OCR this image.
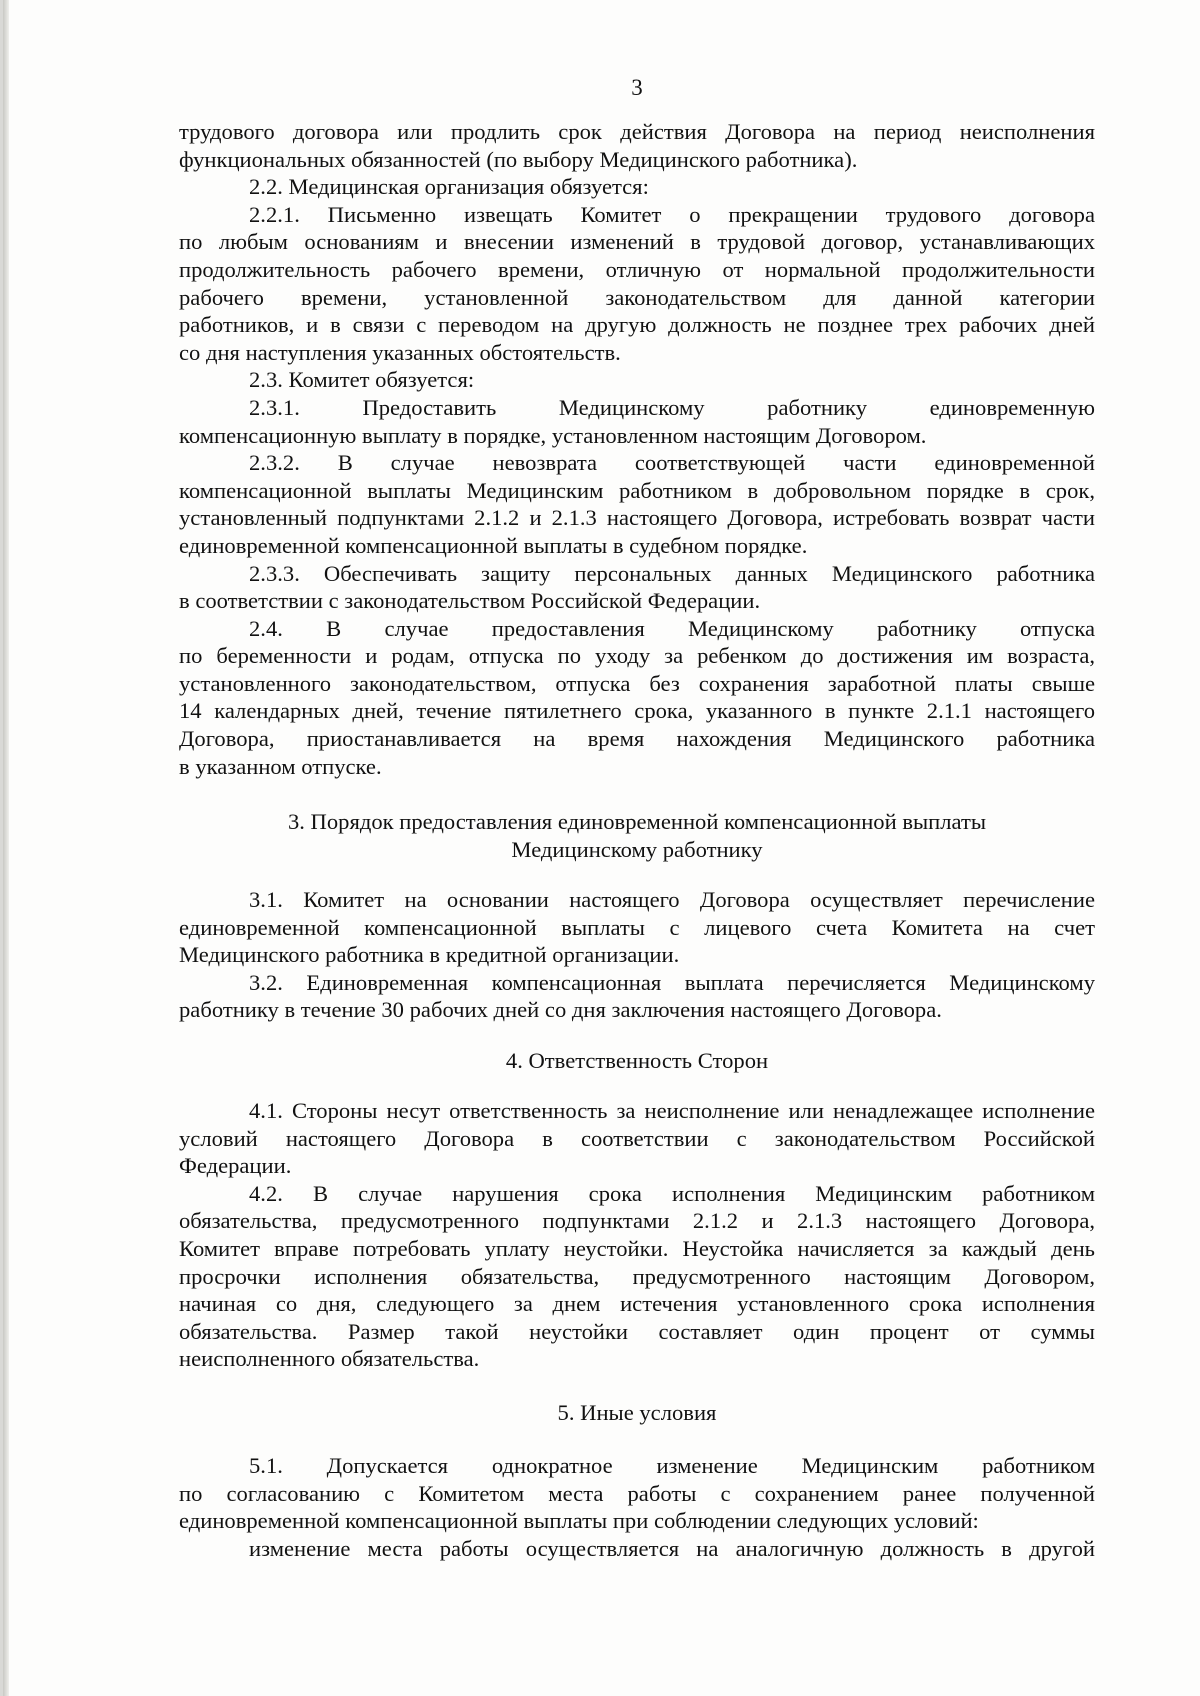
3
трудового договора или продлить срок действия Договора на период неисполнения
функциональных обязанностей (по выбору Медицинского работника).
2.2. Медицинская организация обязуется:
2.2.1. Письменно извещать Комитет о прекращении трудового договора
по любым основаниям и внесении изменений в трудовой договор, устанавливающих
продолжительность рабочего времени, отличную от нормальной продолжительности
рабочего времени, установленной законодательством для данной категории
работников, и в связи с переводом на другую должность не позднее трех рабочих дней
со дня наступления указанных обстоятельств.
2.3. Комитет обязуется:
2.3.1. Предоставить Медицинскому работнику единовременную
компенсационную выплату в порядке, установленном настоящим Договором.
2.3.2. В случае невозврата соответствующей части единовременной
компенсационной выплаты Медицинским работником в добровольном порядке в срок,
установленный подпунктами 2.1.2 и 2.1.3 настоящего Договора, истребовать возврат части
единовременной компенсационной выплаты в судебном порядке.
2.3.3. Обеспечивать защиту персональных данных Медицинского работника
в соответствии с законодательством Российской Федерации.
2.4. В случае предоставления Медицинскому работнику отпуска
по беременности и родам, отпуска по уходу за ребенком до достижения им возраста,
установленного законодательством, отпуска без сохранения заработной платы свыше
14 календарных дней, течение пятилетнего срока, указанного в пункте 2.1.1 настоящего
Договора, приостанавливается на время нахождения Медицинского работника
в указанном отпуске.
3. Порядок предоставления единовременной компенсационной выплаты
Медицинскому работнику
3.1. Комитет на основании настоящего Договора осуществляет перечисление
единовременной компенсационной выплаты с лицевого счета Комитета на счет
Медицинского работника в кредитной организации.
3.2. Единовременная компенсационная выплата перечисляется Медицинскому
работнику в течение 30 рабочих дней со дня заключения настоящего Договора.
4. Ответственность Сторон
4.1. Стороны несут ответственность за неисполнение или ненадлежащее исполнение
условий настоящего Договора в соответствии с законодательством Российской
Федерации.
4.2. В случае нарушения срока исполнения Медицинским работником
обязательства, предусмотренного подпунктами 2.1.2 и 2.1.3 настоящего Договора,
Комитет вправе потребовать уплату неустойки. Неустойка начисляется за каждый день
просрочки исполнения обязательства, предусмотренного настоящим Договором,
начиная со дня, следующего за днем истечения установленного срока исполнения
обязательства. Размер такой неустойки составляет один процент от суммы
неисполненного обязательства.
5. Иные условия
5.1. Допускается однократное изменение Медицинским работником
по согласованию с Комитетом места работы с сохранением ранее полученной
единовременной компенсационной выплаты при соблюдении следующих условий:
изменение места работы осуществляется на аналогичную должность в другой
